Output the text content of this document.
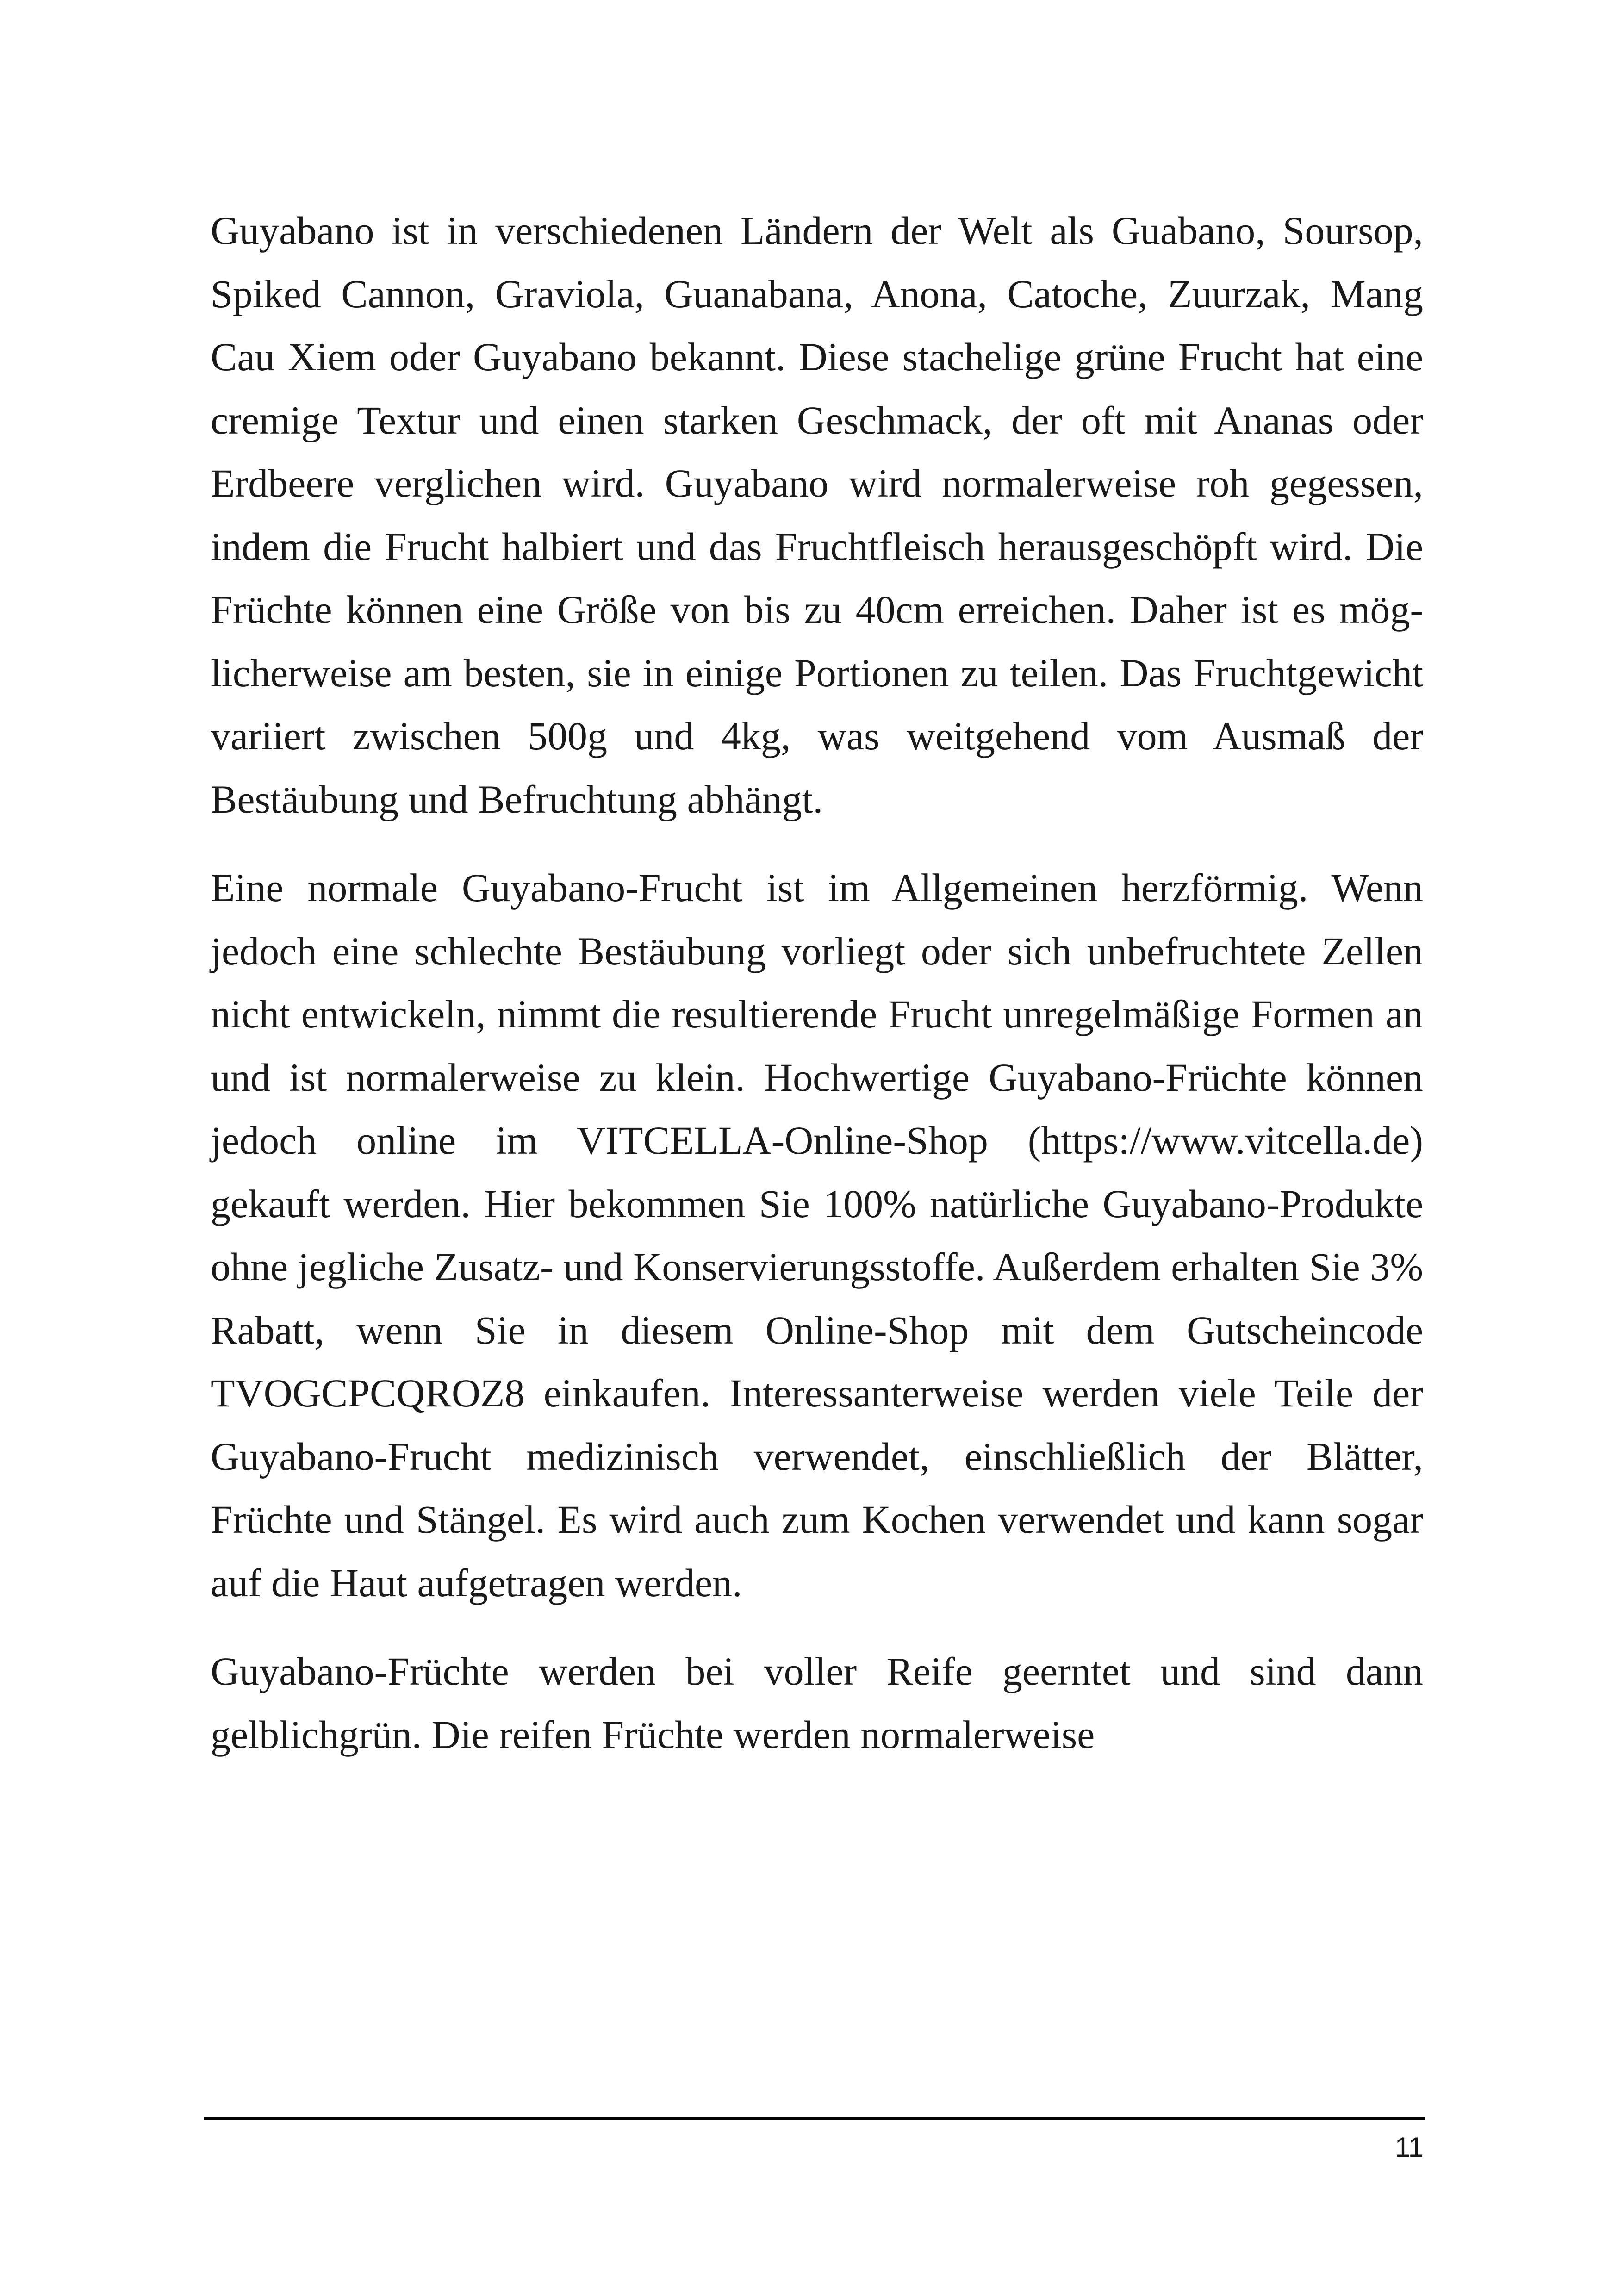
Guyabano ist in verschiedenen Ländern der Welt als Guabano, Soursop, Spiked Cannon, Graviola, Guanabana, Anona, Catoche, Zuurzak, Mang Cau Xiem oder Guyabano bekannt. Diese stachelige grüne Frucht hat eine cremige Textur und einen starken Geschmack, der oft mit Ananas oder Erdbeere verglichen wird. Guyabano wird normalerweise roh gegessen, indem die Frucht halbiert und das Fruchtfleisch herausgeschöpft wird. Die Früchte können eine Größe von bis zu 40cm erreichen. Daher ist es möglicherweise am besten, sie in einige Portionen zu teilen. Das Fruchtgewicht variiert zwischen 500g und 4kg, was weitgehend vom Ausmaß der Bestäubung und Befruchtung abhängt.

Eine normale Guyabano-Frucht ist im Allgemeinen herzförmig. Wenn jedoch eine schlechte Bestäubung vorliegt oder sich unbefruchtete Zellen nicht entwickeln, nimmt die resultierende Frucht unregelmäßige Formen an und ist normalerweise zu klein. Hochwertige Guyabano-Früchte können jedoch online im VITCELLA-Online-Shop (https://www.vitcella.de) gekauft werden. Hier bekommen Sie 100% natürliche Guyabano-Produkte ohne jegliche Zusatz- und Konservierungsstoffe. Außerdem erhalten Sie 3% Rabatt, wenn Sie in diesem Online-Shop mit dem Gutscheincode TVOGCPCQROZ8 einkaufen. Interessanterweise werden viele Teile der Guyabano-Frucht medizinisch verwendet, einschließlich der Blätter, Früchte und Stängel. Es wird auch zum Kochen verwendet und kann sogar auf die Haut aufgetragen werden.

Guyabano-Früchte werden bei voller Reife geerntet und sind dann gelblichgrün. Die reifen Früchte werden normalerweise

11
